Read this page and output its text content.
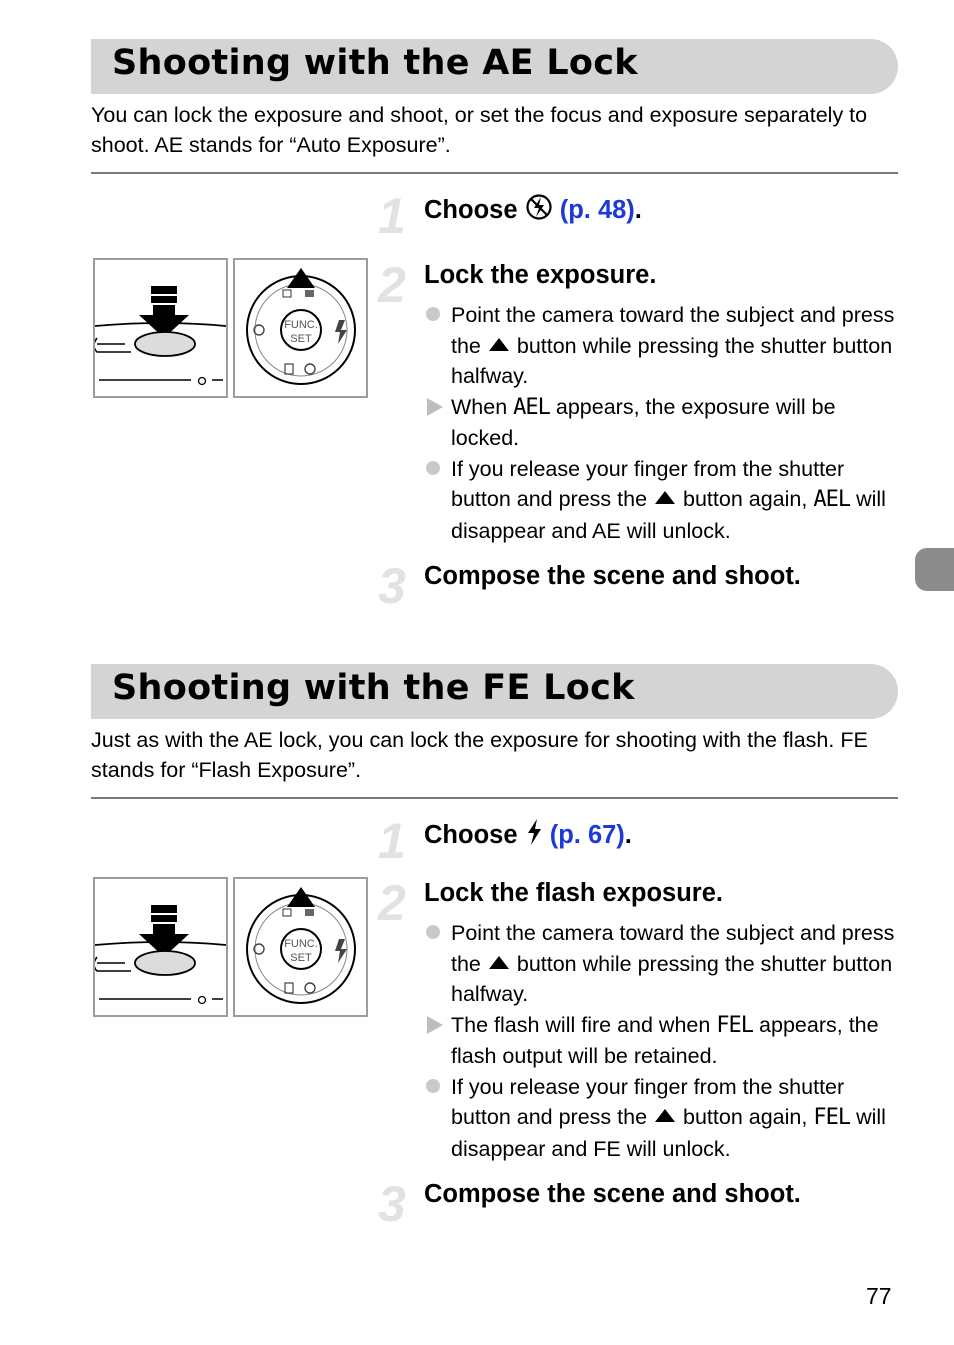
Shooting with the AE Lock

You can lock the exposure and shoot, or set the focus and exposure separately to shoot. AE stands for “Auto Exposure”.

1 Choose (p. 48).

2 Lock the exposure.

Point the camera toward the subject and press the button while pressing the shutter button halfway.
When AEL appears, the exposure will be locked.
If you release your finger from the shutter button and press the button again, AEL will disappear and AE will unlock.
3 Compose the scene and shoot.

FUNC.
SET
Shooting with the FE Lock

Just as with the AE lock, you can lock the exposure for shooting with the flash. FE stands for “Flash Exposure”.

1 Choose (p. 67).

2 Lock the flash exposure.

Point the camera toward the subject and press the button while pressing the shutter button halfway.
The flash will fire and when FEL appears, the flash output will be retained.
If you release your finger from the shutter button and press the button again, FEL will disappear and FE will unlock.
3 Compose the scene and shoot.

FUNC.
SET
77
